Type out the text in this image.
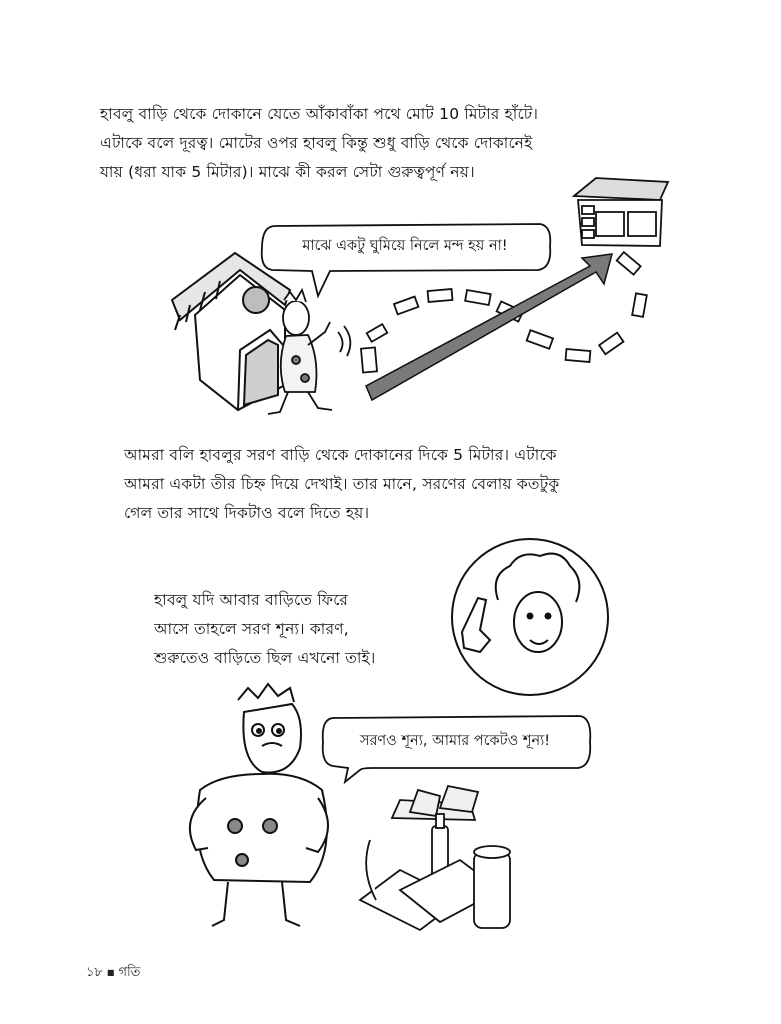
হাবলু বাড়ি থেকে দোকানে যেতে আঁকাবাঁকা পথে মোট 10 মিটার হাঁটে।
এটাকে বলে দূরত্ব। মোটের ওপর হাবলু কিন্তু শুধু বাড়ি থেকে দোকানেই
যায় (ধরা যাক 5 মিটার)। মাঝে কী করল সেটা গুরুত্বপূর্ণ নয়।

আমরা বলি হাবলুর সরণ বাড়ি থেকে দোকানের দিকে 5 মিটার। এটাকে
আমরা একটা তীর চিহ্ন দিয়ে দেখাই। তার মানে, সরণের বেলায় কতটুকু
গেল তার সাথে দিকটাও বলে দিতে হয়।

হাবলু যদি আবার বাড়িতে ফিরে
আসে তাহলে সরণ শূন্য। কারণ,
শুরুতেও বাড়িতে ছিল এখনো তাই।

মাঝে একটু ঘুমিয়ে নিলে মন্দ হয় না!
সরণও শূন্য, আমার পকেটও শূন্য!
১৮ ■ গতি
